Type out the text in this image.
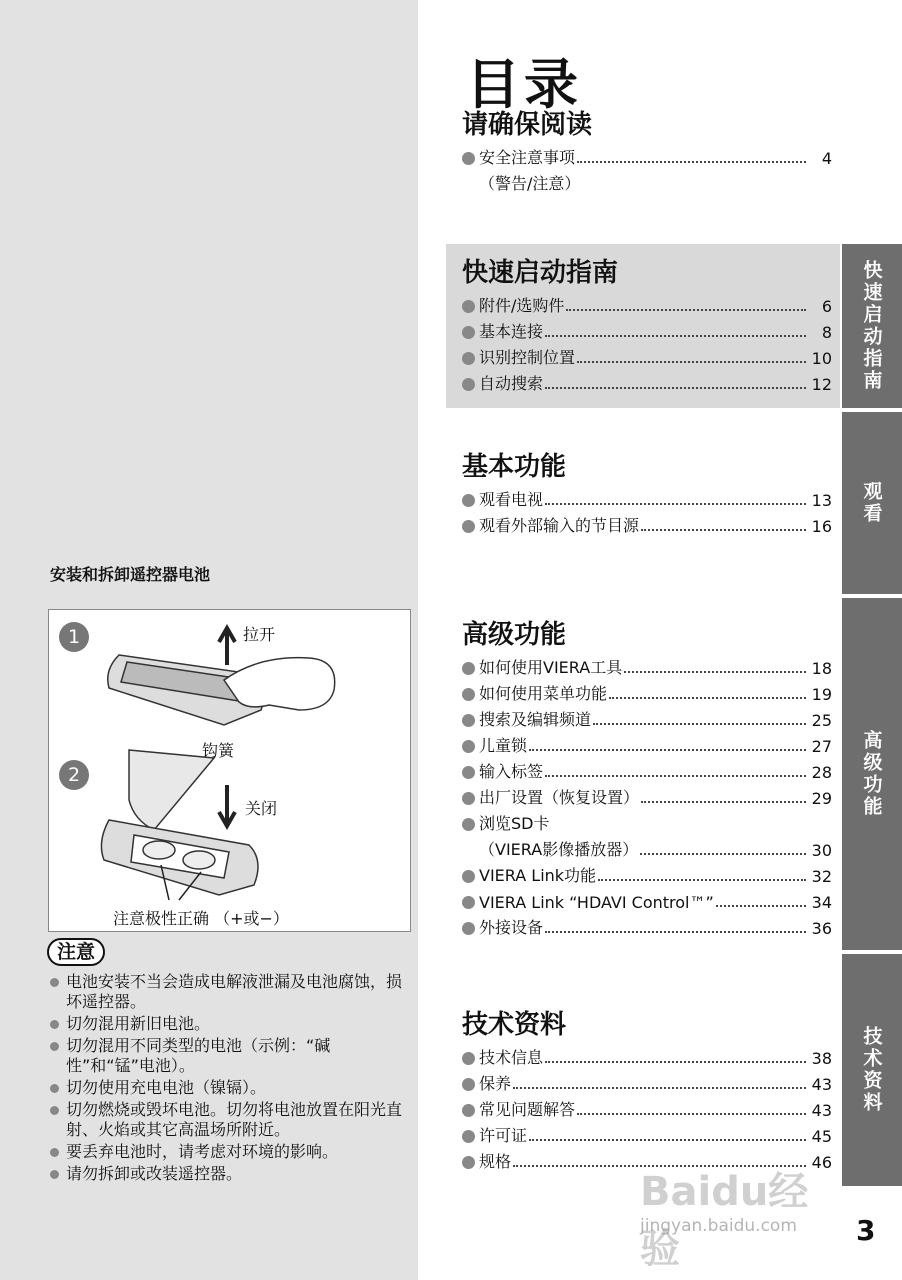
安装和拆卸遥控器电池
1
2
拉开
钩簧
关闭
注意极性正确 （+或−）
注意
电池安装不当会造成电解液泄漏及电池腐蚀，损坏遥控器。
切勿混用新旧电池。
切勿混用不同类型的电池（示例：“碱性”和“锰”电池）。
切勿使用充电电池（镍镉）。
切勿燃烧或毁坏电池。切勿将电池放置在阳光直射、火焰或其它高温场所附近。
要丢弃电池时，请考虑对环境的影响。
请勿拆卸或改装遥控器。
目录
请确保阅读
安全注意事项	4
（警告/注意）
快速启动指南
附件/选购件	6
基本连接	8
识别控制位置	10
自动搜索	12
基本功能
观看电视	13
观看外部输入的节目源	16
高级功能
如何使用VIERA工具	18
如何使用菜单功能	19
搜索及编辑频道	25
儿童锁	27
输入标签	28
出厂设置（恢复设置）	29
浏览SD卡
（VIERA影像播放器）	30
VIERA Link功能	32
VIERA Link “HDAVI Control™”	34
外接设备	36
技术资料
技术信息	38
保养	43
常见问题解答	43
许可证	45
规格	46
快速启动指南
观看
高级功能
技术资料
Baidu经验
jingyan.baidu.com 3
